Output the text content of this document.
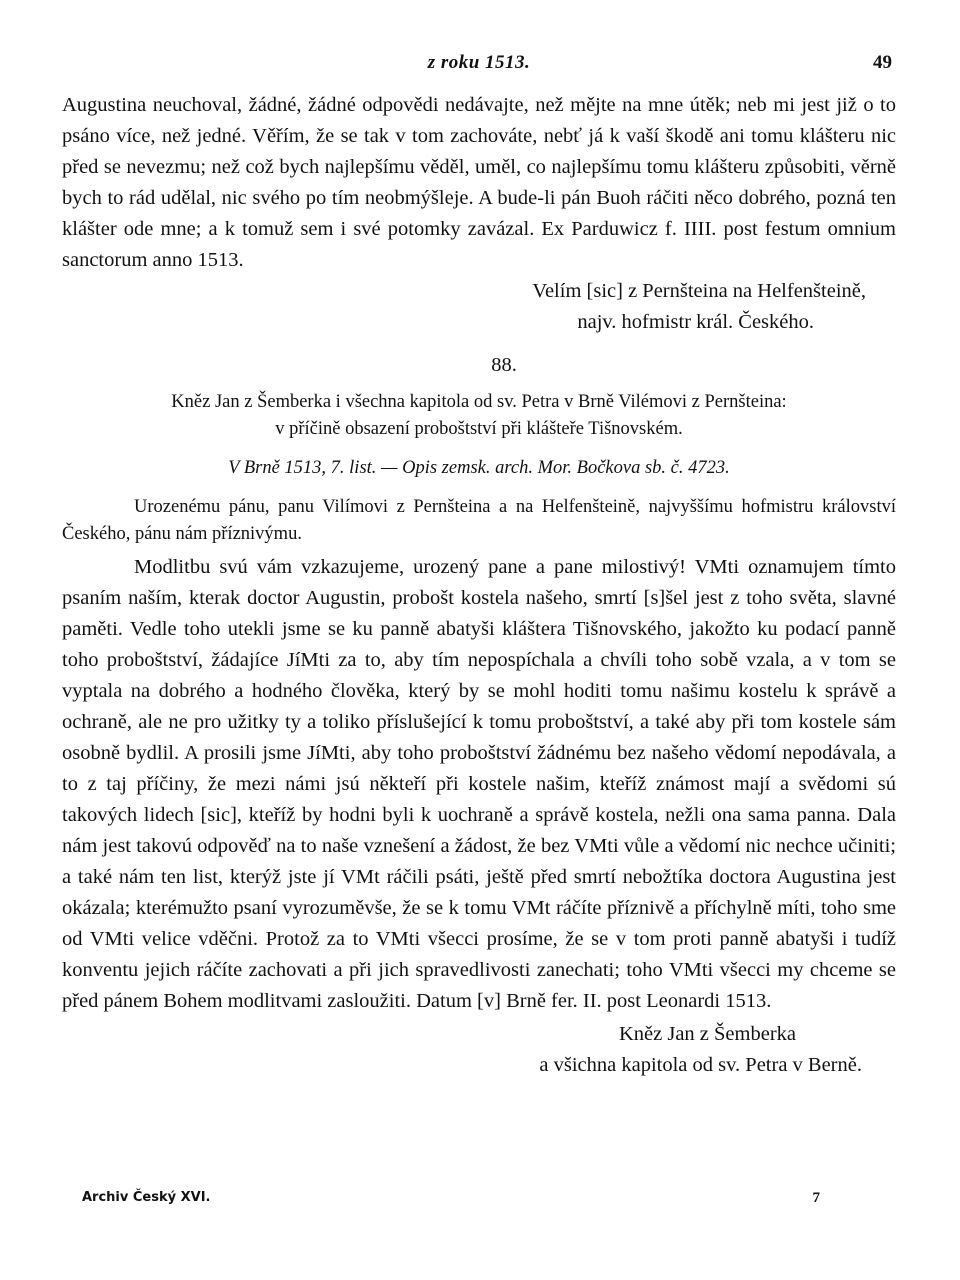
z roku 1513.	49

Augustina neuchoval, žádné, žádné odpovědi nedávajte, než mějte na mne útěk; neb mi jest již o to psáno více, než jedné. Věřím, že se tak v tom zachováte, nebť já k vaší škodě ani tomu klášteru nic před se nevezmu; než což bych najlepšímu věděl, uměl, co najlepšímu tomu klášteru způsobiti, věrně bych to rád udělal, nic svého po tím neobmýšleje. A bude-li pán Buoh ráčiti něco dobrého, pozná ten klášter ode mne; a k tomuž sem i své potomky zavázal. Ex Parduwicz f. IIII. post festum omnium sanctorum anno 1513.

Velím [sic] z Pernšteina na Helfenšteině,
najv. hofmistr král. Českého.
88.
Kněz Jan z Šemberka i všechna kapitola od sv. Petra v Brně Vilémovi z Pernšteina:
v příčině obsazení proboštství při klášteře Tišnovském.
V Brně 1513, 7. list. — Opis zemsk. arch. Mor. Bočkova sb. č. 4723.

Urozenému pánu, panu Vilímovi z Pernšteina a na Helfenšteině, najvyššímu hofmistru království Českého, pánu nám příznivýmu.

Modlitbu svú vám vzkazujeme, urozený pane a pane milostivý! VMti oznamujem tímto psaním naším, kterak doctor Augustin, probošt kostela našeho, smrtí [s]šel jest z toho světa, slavné paměti. Vedle toho utekli jsme se ku panně abatyši kláštera Tišnovského, jakožto ku podací panně toho proboštství, žádajíce JíMti za to, aby tím nepospíchala a chvíli toho sobě vzala, a v tom se vyptala na dobrého a hodného člověka, který by se mohl hoditi tomu našimu kostelu k správě a ochraně, ale ne pro užitky ty a toliko příslušející k tomu proboštství, a také aby při tom kostele sám osobně bydlil. A prosili jsme JíMti, aby toho proboštství žádnému bez našeho vědomí nepodávala, a to z taj příčiny, že mezi námi jsú někteří při kostele našim, kteříž známost mají a svědomi sú takových lidech [sic], kteříž by hodni byli k uochraně a správě kostela, nežli ona sama panna. Dala nám jest takovú odpověď na to naše vznešení a žádost, že bez VMti vůle a vědomí nic nechce učiniti; a také nám ten list, kterýž jste jí VMt ráčili psáti, ještě před smrtí nebožtíka doctora Augustina jest okázala; kterémužto psaní vyrozuměvše, že se k tomu VMt ráčíte příznivě a příchylně míti, toho sme od VMti velice vděčni. Protož za to VMti všecci prosíme, že se v tom proti panně abatyši i tudíž konventu jejich ráčíte zachovati a při jich spravedlivosti zanechati; toho VMti všecci my chceme se před pánem Bohem modlitvami zasloužiti. Datum [v] Brně fer. II. post Leonardi 1513.

Kněz Jan z Šemberka
a všichna kapitola od sv. Petra v Berně.
Archiv Český XVI.	7
